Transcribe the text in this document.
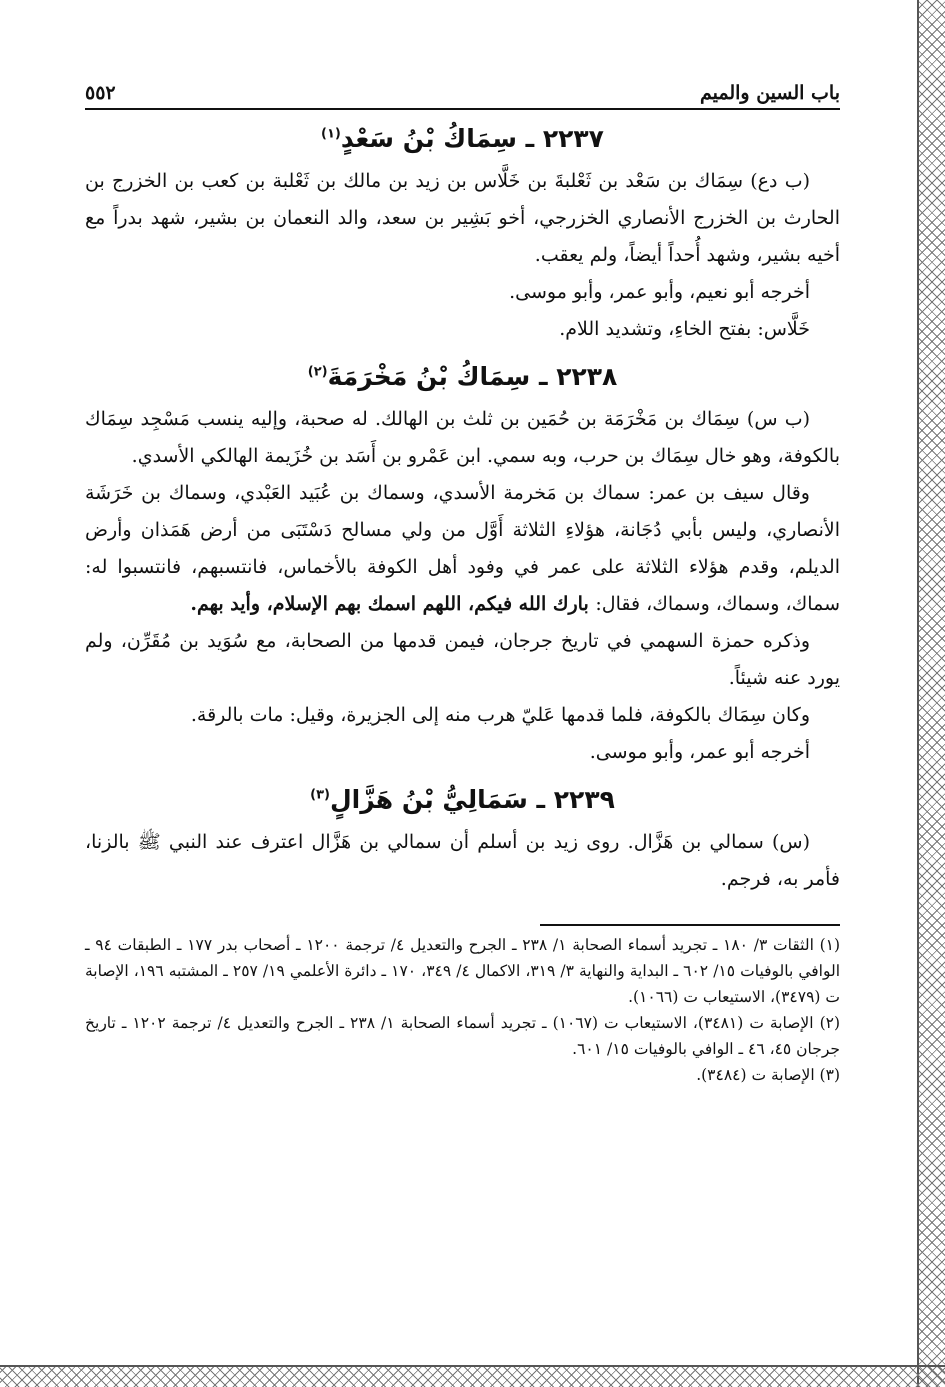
باب السين والميم
٥٥٢
٢٢٣٧ ـ سِمَاكُ بْنُ سَعْدٍ$^{(١)}$

(ب دع) سِمَاك بن سَعْد بن ثَعْلبةَ بن خَلَّاس بن زيد بن مالك بن ثَعْلبة بن كعب بن الخزرج بن الحارث بن الخزرج الأنصاري الخزرجي، أخو بَشِير بن سعد، والد النعمان بن بشير، شهد بدراً مع أخيه بشير، وشهد أُحداً أيضاً، ولم يعقب.

أخرجه أبو نعيم، وأبو عمر، وأبو موسى.

خَلَّاس: بفتح الخاءِ، وتشديد اللام.

٢٢٣٨ ـ سِمَاكُ بْنُ مَخْرَمَةَ$^{(٢)}$

(ب س) سِمَاك بن مَخْرَمَة بن حُمَين بن ثلث بن الهالك. له صحبة، وإليه ينسب مَسْجِد سِمَاك بالكوفة، وهو خال سِمَاك بن حرب، وبه سمي. ابن عَمْرو بن أَسَد بن خُزَيمة الهالكي الأسدي.

وقال سيف بن عمر: سماك بن مَخرمة الأسدي، وسماك بن عُبَيد العَبْدي، وسماك بن خَرَشَة الأنصاري، وليس بأبي دُجَانة، هؤلاءِ الثلاثة أَوَّل من ولي مسالح دَسْتَبَى من أرض هَمَذان وأرض الديلم، وقدم هؤلاء الثلاثة على عمر في وفود أهل الكوفة بالأخماس، فانتسبهم، فانتسبوا له: سماك، وسماك، وسماك، فقال: بارك الله فيكم، اللهم اسمك بهم الإسلام، وأيد بهم.

وذكره حمزة السهمي في تاريخ جرجان، فيمن قدمها من الصحابة، مع سُوَيد بن مُقَرِّن، ولم يورد عنه شيئاً.

وكان سِمَاك بالكوفة، فلما قدمها عَليّ هرب منه إلى الجزيرة، وقيل: مات بالرقة.

أخرجه أبو عمر، وأبو موسى.

٢٢٣٩ ـ سَمَالِيُّ بْنُ هَزَّالٍ$^{(٣)}$

(س) سمالي بن هَزَّال. روى زيد بن أسلم أن سمالي بن هَزَّال اعترف عند النبي ﷺ بالزنا، فأمر به، فرجم.

(١) الثقات ٣/ ١٨٠ ـ تجريد أسماء الصحابة ١/ ٢٣٨ ـ الجرح والتعديل ٤/ ترجمة ١٢٠٠ ـ أصحاب بدر ١٧٧ ـ الطبقات ٩٤ ـ الوافي بالوفيات ١٥/ ٦٠٢ ـ البداية والنهاية ٣/ ٣١٩، الاكمال ٤/ ٣٤٩، ١٧٠ ـ دائرة الأعلمي ١٩/ ٢٥٧ ـ المشتبه ١٩٦، الإصابة ت (٣٤٧٩)، الاستيعاب ت (١٠٦٦).

(٢) الإصابة ت (٣٤٨١)، الاستيعاب ت (١٠٦٧) ـ تجريد أسماء الصحابة ١/ ٢٣٨ ـ الجرح والتعديل ٤/ ترجمة ١٢٠٢ ـ تاريخ جرجان ٤٥، ٤٦ ـ الوافي بالوفيات ١٥/ ٦٠١.

(٣) الإصابة ت (٣٤٨٤).
